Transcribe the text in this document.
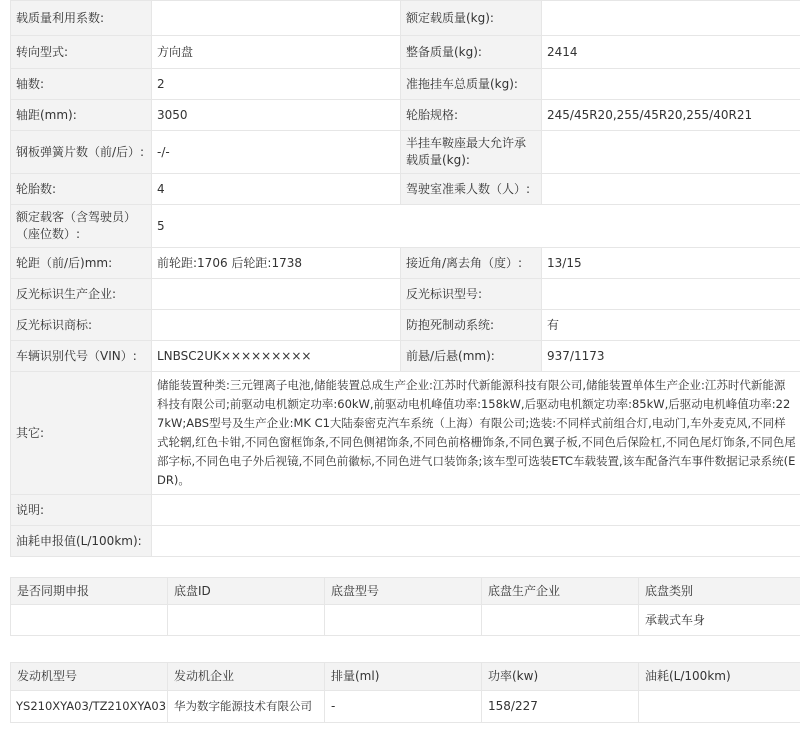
载质量利用系数:		额定载质量(kg):	
转向型式:	方向盘	整备质量(kg):	2414
轴数:	2	准拖挂车总质量(kg):	
轴距(mm):	3050	轮胎规格:	245/45R20,255/45R20,255/40R21
钢板弹簧片数（前/后）:	-/-	半挂车鞍座最大允许承载质量(kg):	
轮胎数:	4	驾驶室准乘人数（人）:	
额定载客（含驾驶员）（座位数）:	5		
轮距（前/后)mm:	前轮距:1706 后轮距:1738	接近角/离去角（度）:	13/15
反光标识生产企业:		反光标识型号:	
反光标识商标:		防抱死制动系统:	有
车辆识别代号（VIN）:	LNBSC2UK×××××××××	前悬/后悬(mm):	937/1173
其它:	储能装置种类:三元锂离子电池,储能装置总成生产企业:江苏时代新能源科技有限公司,储能装置单体生产企业:江苏时代新能源科技有限公司;前驱动电机额定功率:60kW,前驱动电机峰值功率:158kW,后驱动电机额定功率:85kW,后驱动电机峰值功率:227kW;ABS型号及生产企业:MK C1大陆泰密克汽车系统（上海）有限公司;选装:不同样式前组合灯,电动门,车外麦克风,不同样式轮辋,红色卡钳,不同色窗框饰条,不同色侧裙饰条,不同色前格栅饰条,不同色翼子板,不同色后保险杠,不同色尾灯饰条,不同色尾部字标,不同色电子外后视镜,不同色前徽标,不同色进气口装饰条;该车型可选装ETC车载装置,该车配备汽车事件数据记录系统(EDR)。		
说明:			
油耗申报值(L/100km):			
是否同期申报	底盘ID	底盘型号	底盘生产企业	底盘类别
				承载式车身
发动机型号	发动机企业	排量(ml)	功率(kw)	油耗(L/100km)
YS210XYA03/TZ210XYA03	华为数字能源技术有限公司	-	158/227	
